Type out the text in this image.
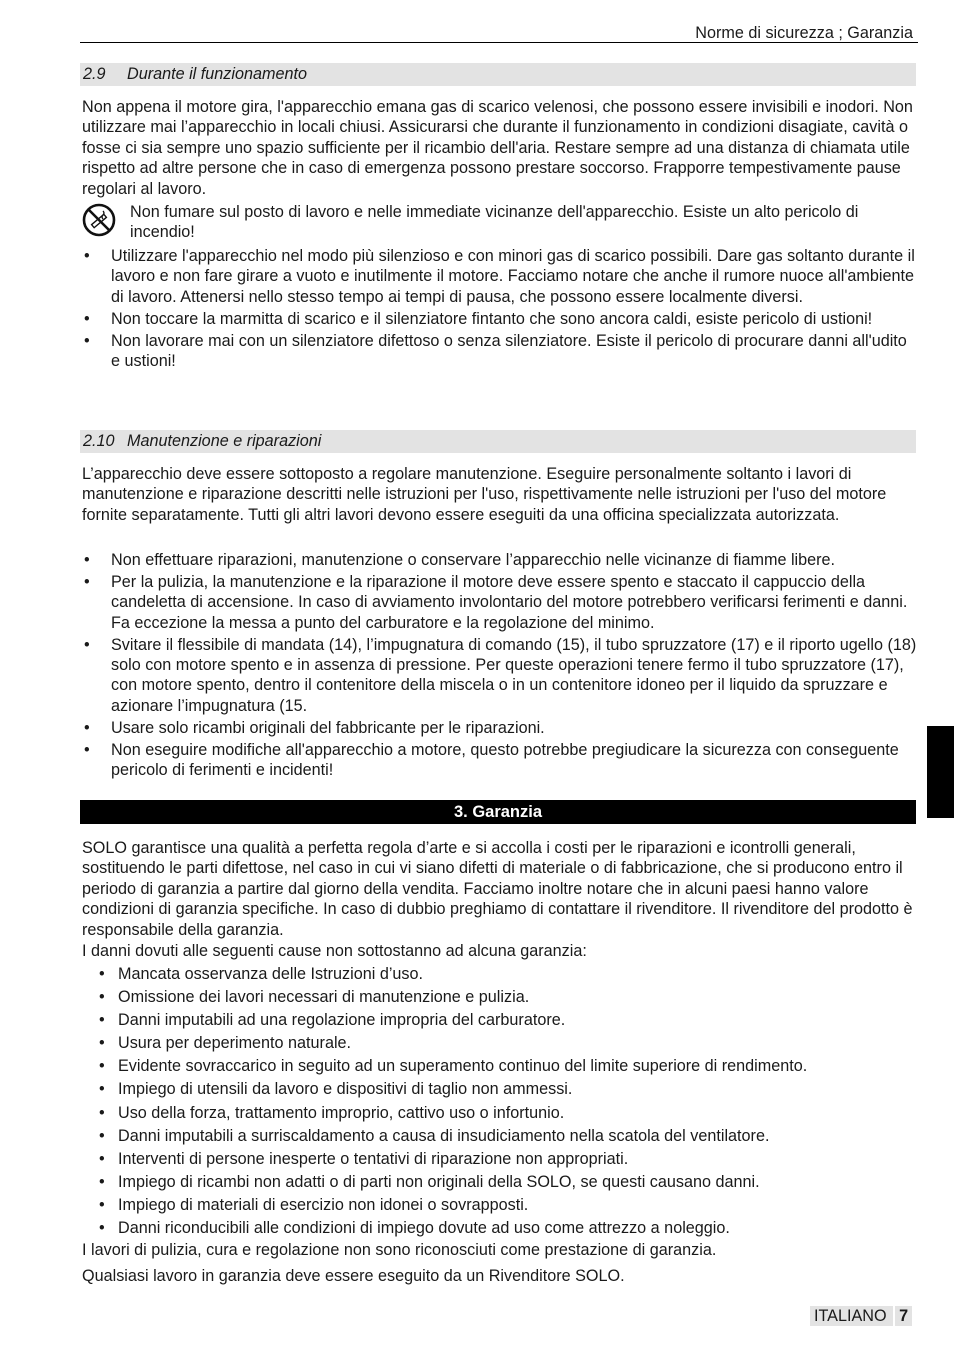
Norme di sicurezza ; Garanzia
2.9 Durante il funzionamento

Non appena il motore gira, l'apparecchio emana gas di scarico velenosi, che possono essere invisibili e inodori. Non utilizzare mai l’apparecchio in locali chiusi. Assicurarsi che durante il funzionamento in condizioni disagiate, cavità o fosse ci sia sempre uno spazio sufficiente per il ricambio dell'aria. Restare sempre ad una distanza di chiamata utile rispetto ad altre persone che in caso di emergenza possono prestare soccorso. Frapporre tempestivamente pause regolari al lavoro.

Non fumare sul posto di lavoro e nelle immediate vicinanze dell'apparecchio. Esiste un alto pericolo di incendio!
• Utilizzare l'apparecchio nel modo più silenzioso e con minori gas di scarico possibili. Dare gas soltanto durante il lavoro e non fare girare a vuoto e inutilmente il motore. Facciamo notare che anche il rumore nuoce all'ambiente di lavoro. Attenersi nello stesso tempo ai tempi di pausa, che possono essere localmente diversi.
• Non toccare la marmitta di scarico e il silenziatore fintanto che sono ancora caldi, esiste pericolo di ustioni!
• Non lavorare mai con un silenziatore difettoso o senza silenziatore. Esiste il pericolo di procurare danni all'udito e ustioni!
2.10 Manutenzione e riparazioni

L’apparecchio deve essere sottoposto a regolare manutenzione. Eseguire personalmente soltanto i lavori di manutenzione e riparazione descritti nelle istruzioni per l'uso, rispettivamente nelle istruzioni per l'uso del motore fornite separatamente. Tutti gli altri lavori devono essere eseguiti da una officina specializzata autorizzata.

• Non effettuare riparazioni, manutenzione o conservare l’apparecchio nelle vicinanze di fiamme libere.
• Per la pulizia, la manutenzione e la riparazione il motore deve essere spento e staccato il cappuccio della candeletta di accensione. In caso di avviamento involontario del motore potrebbero verificarsi ferimenti e danni. Fa eccezione la messa a punto del carburatore e la regolazione del minimo.
• Svitare il flessibile di mandata (14), l’impugnatura di comando (15), il tubo spruzzatore (17) e il riporto ugello (18) solo con motore spento e in assenza di pressione. Per queste operazioni tenere fermo il tubo spruzzatore (17), con motore spento, dentro il contenitore della miscela o in un contenitore idoneo per il liquido da spruzzare e azionare l’impugnatura (15.
• Usare solo ricambi originali del fabbricante per le riparazioni.
• Non eseguire modifiche all'apparecchio a motore, questo potrebbe pregiudicare la sicurezza con conseguente pericolo di ferimenti e incidenti!
3. Garanzia

SOLO garantisce una qualità a perfetta regola d’arte e si accolla i costi per le riparazioni e icontrolli generali, sostituendo le parti difettose, nel caso in cui vi siano difetti di materiale o di fabbricazione, che si producono entro il periodo di garanzia a partire dal giorno della vendita. Facciamo inoltre notare che in alcuni paesi hanno valore condizioni di garanzia specifiche. In caso di dubbio preghiamo di contattare il rivenditore. Il rivenditore del prodotto è responsabile della garanzia.

I danni dovuti alle seguenti cause non sottostanno ad alcuna garanzia:

• Mancata osservanza delle Istruzioni d’uso.
• Omissione dei lavori necessari di manutenzione e pulizia.
• Danni imputabili ad una regolazione impropria del carburatore.
• Usura per deperimento naturale.
• Evidente sovraccarico in seguito ad un superamento continuo del limite superiore di rendimento.
• Impiego di utensili da lavoro e dispositivi di taglio non ammessi.
• Uso della forza, trattamento improprio, cattivo uso o infortunio.
• Danni imputabili a surriscaldamento a causa di insudiciamento nella scatola del ventilatore.
• Interventi di persone inesperte o tentativi di riparazione non appropriati.
• Impiego di ricambi non adatti o di parti non originali della SOLO, se questi causano danni.
• Impiego di materiali di esercizio non idonei o sovrapposti.
• Danni riconducibili alle condizioni di impiego dovute ad uso come attrezzo a noleggio.

I lavori di pulizia, cura e regolazione non sono riconosciuti come prestazione di garanzia.

Qualsiasi lavoro in garanzia deve essere eseguito da un Rivenditore SOLO.

ITALIANO 7
